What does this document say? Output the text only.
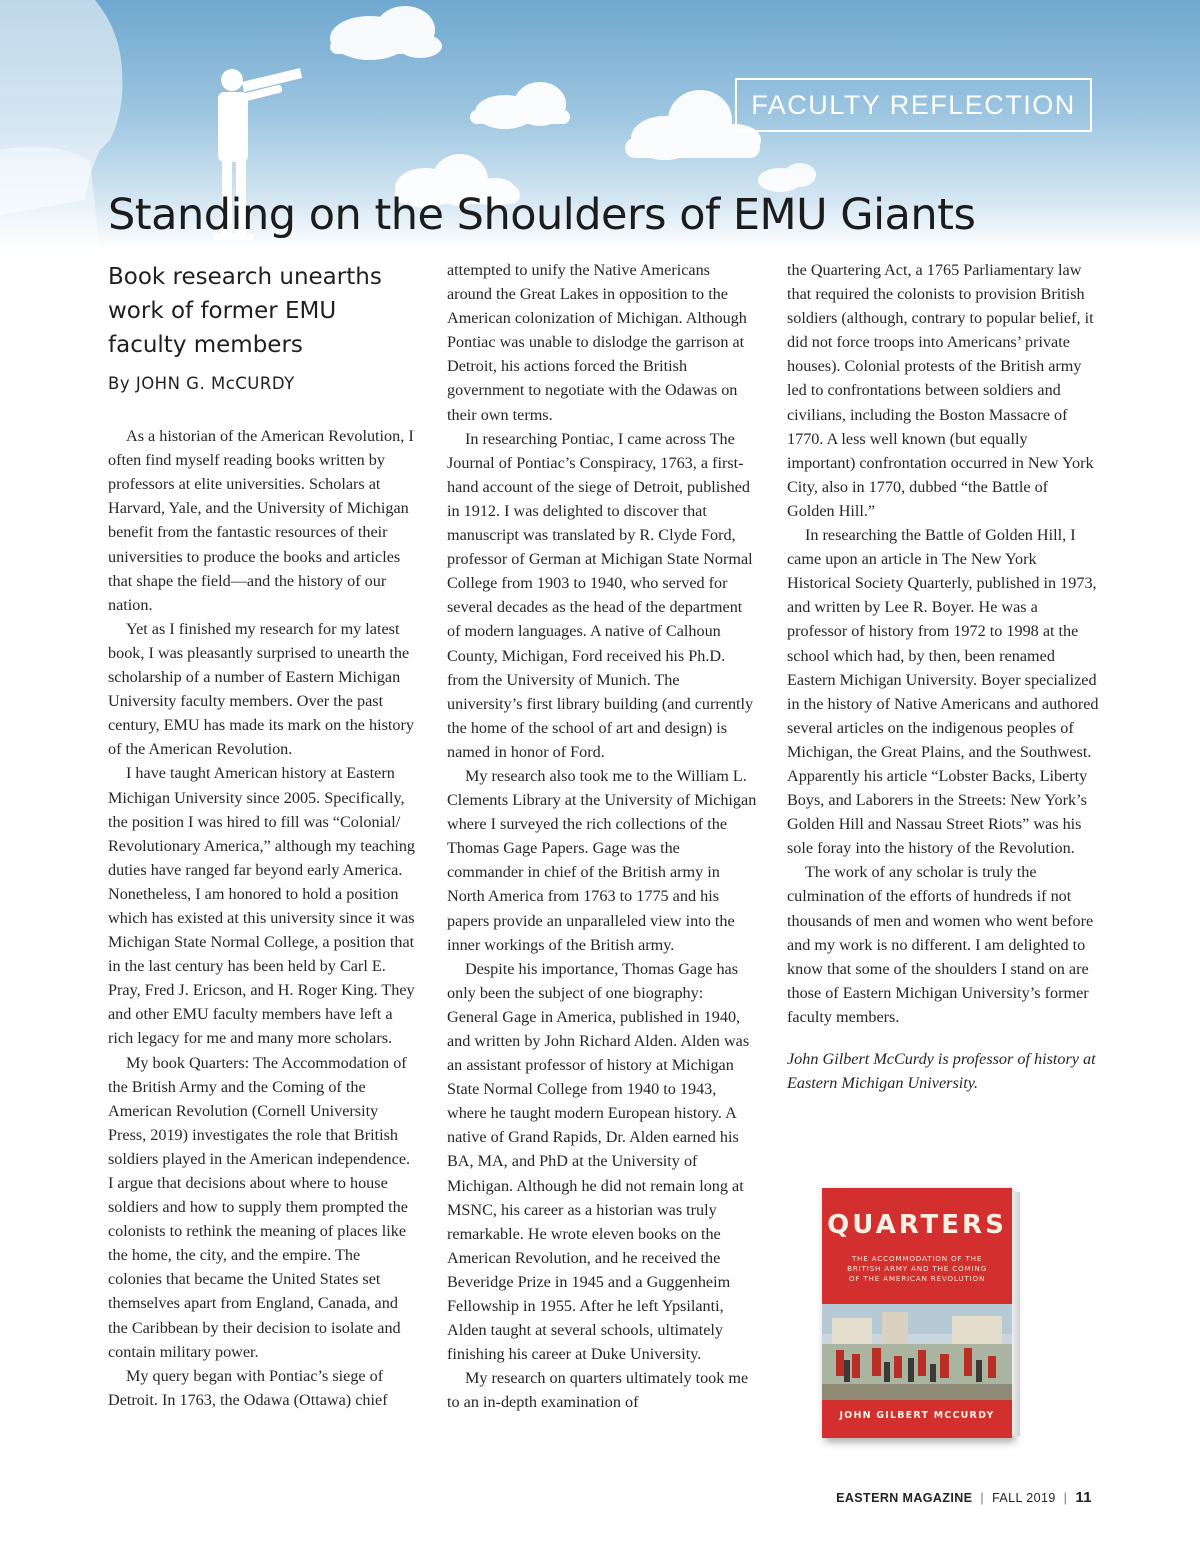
FACULTY REFLECTION
Standing on the Shoulders of EMU Giants
Book research unearths work of former EMU faculty members
By JOHN G. McCURDY

As a historian of the American Revolution, I often find myself reading books written by professors at elite universities. Scholars at Harvard, Yale, and the University of Michigan benefit from the fantastic resources of their universities to produce the books and articles that shape the field—and the history of our nation.

Yet as I finished my research for my latest book, I was pleasantly surprised to unearth the scholarship of a number of Eastern Michigan University faculty members. Over the past century, EMU has made its mark on the history of the American Revolution.

I have taught American history at Eastern Michigan University since 2005. Specifically, the position I was hired to fill was “Colonial/ Revolutionary America,” although my teaching duties have ranged far beyond early America. Nonetheless, I am honored to hold a position which has existed at this university since it was Michigan State Normal College, a position that in the last century has been held by Carl E. Pray, Fred J. Ericson, and H. Roger King. They and other EMU faculty members have left a rich legacy for me and many more scholars.

My book Quarters: The Accommodation of the British Army and the Coming of the American Revolution (Cornell University Press, 2019) investigates the role that British soldiers played in the American independence. I argue that decisions about where to house soldiers and how to supply them prompted the colonists to rethink the meaning of places like the home, the city, and the empire. The colonies that became the United States set themselves apart from England, Canada, and the Caribbean by their decision to isolate and contain military power.

My query began with Pontiac’s siege of Detroit. In 1763, the Odawa (Ottawa) chief

attempted to unify the Native Americans around the Great Lakes in opposition to the American colonization of Michigan. Although Pontiac was unable to dislodge the garrison at Detroit, his actions forced the British government to negotiate with the Odawas on their own terms.

In researching Pontiac, I came across The Journal of Pontiac’s Conspiracy, 1763, a first-hand account of the siege of Detroit, published in 1912. I was delighted to discover that manuscript was translated by R. Clyde Ford, professor of German at Michigan State Normal College from 1903 to 1940, who served for several decades as the head of the department of modern languages. A native of Calhoun County, Michigan, Ford received his Ph.D. from the University of Munich. The university’s first library building (and currently the home of the school of art and design) is named in honor of Ford.

My research also took me to the William L. Clements Library at the University of Michigan where I surveyed the rich collections of the Thomas Gage Papers. Gage was the commander in chief of the British army in North America from 1763 to 1775 and his papers provide an unparalleled view into the inner workings of the British army.

Despite his importance, Thomas Gage has only been the subject of one biography: General Gage in America, published in 1940, and written by John Richard Alden. Alden was an assistant professor of history at Michigan State Normal College from 1940 to 1943, where he taught modern European history. A native of Grand Rapids, Dr. Alden earned his BA, MA, and PhD at the University of Michigan. Although he did not remain long at MSNC, his career as a historian was truly remarkable. He wrote eleven books on the American Revolution, and he received the Beveridge Prize in 1945 and a Guggenheim Fellowship in 1955. After he left Ypsilanti, Alden taught at several schools, ultimately finishing his career at Duke University.

My research on quarters ultimately took me to an in-depth examination of

the Quartering Act, a 1765 Parliamentary law that required the colonists to provision British soldiers (although, contrary to popular belief, it did not force troops into Americans’ private houses). Colonial protests of the British army led to confrontations between soldiers and civilians, including the Boston Massacre of 1770. A less well known (but equally important) confrontation occurred in New York City, also in 1770, dubbed “the Battle of Golden Hill.”

In researching the Battle of Golden Hill, I came upon an article in The New York Historical Society Quarterly, published in 1973, and written by Lee R. Boyer. He was a professor of history from 1972 to 1998 at the school which had, by then, been renamed Eastern Michigan University. Boyer specialized in the history of Native Americans and authored several articles on the indigenous peoples of Michigan, the Great Plains, and the Southwest. Apparently his article “Lobster Backs, Liberty Boys, and Laborers in the Streets: New York’s Golden Hill and Nassau Street Riots” was his sole foray into the history of the Revolution.

The work of any scholar is truly the culmination of the efforts of hundreds if not thousands of men and women who went before and my work is no different. I am delighted to know that some of the shoulders I stand on are those of Eastern Michigan University’s former faculty members.

John Gilbert McCurdy is professor of history at Eastern Michigan University.

QUARTERS
THE ACCOMMODATION OF THE BRITISH ARMY AND THE COMING OF THE AMERICAN REVOLUTION
JOHN GILBERT MCCURDY
EASTERN MAGAZINE | FALL 2019 | 11
